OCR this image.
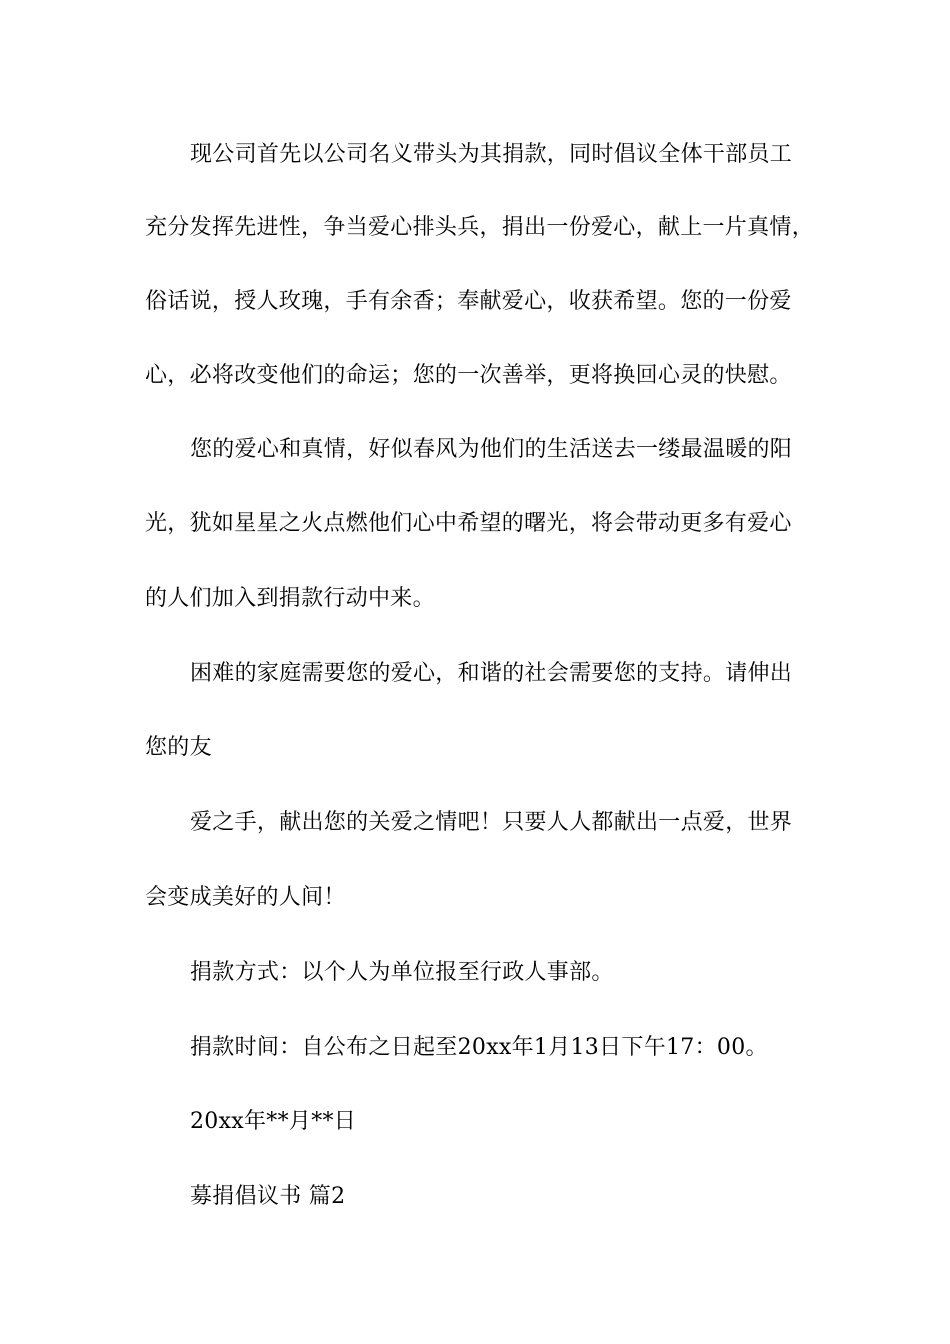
现公司首先以公司名义带头为其捐款，同时倡议全体干部员工
充分发挥先进性，争当爱心排头兵，捐出一份爱心，献上一片真情，
俗话说，授人玫瑰，手有余香；奉献爱心，收获希望。您的一份爱
心，必将改变他们的命运；您的一次善举，更将换回心灵的快慰。
您的爱心和真情，好似春风为他们的生活送去一缕最温暖的阳
光，犹如星星之火点燃他们心中希望的曙光，将会带动更多有爱心
的人们加入到捐款行动中来。
困难的家庭需要您的爱心，和谐的社会需要您的支持。请伸出
您的友
爱之手，献出您的关爱之情吧！只要人人都献出一点爱，世界
会变成美好的人间！
捐款方式：以个人为单位报至行政人事部。
捐款时间：自公布之日起至20xx年1月13日下午17：00。
20xx年**月**日
募捐倡议书 篇2
